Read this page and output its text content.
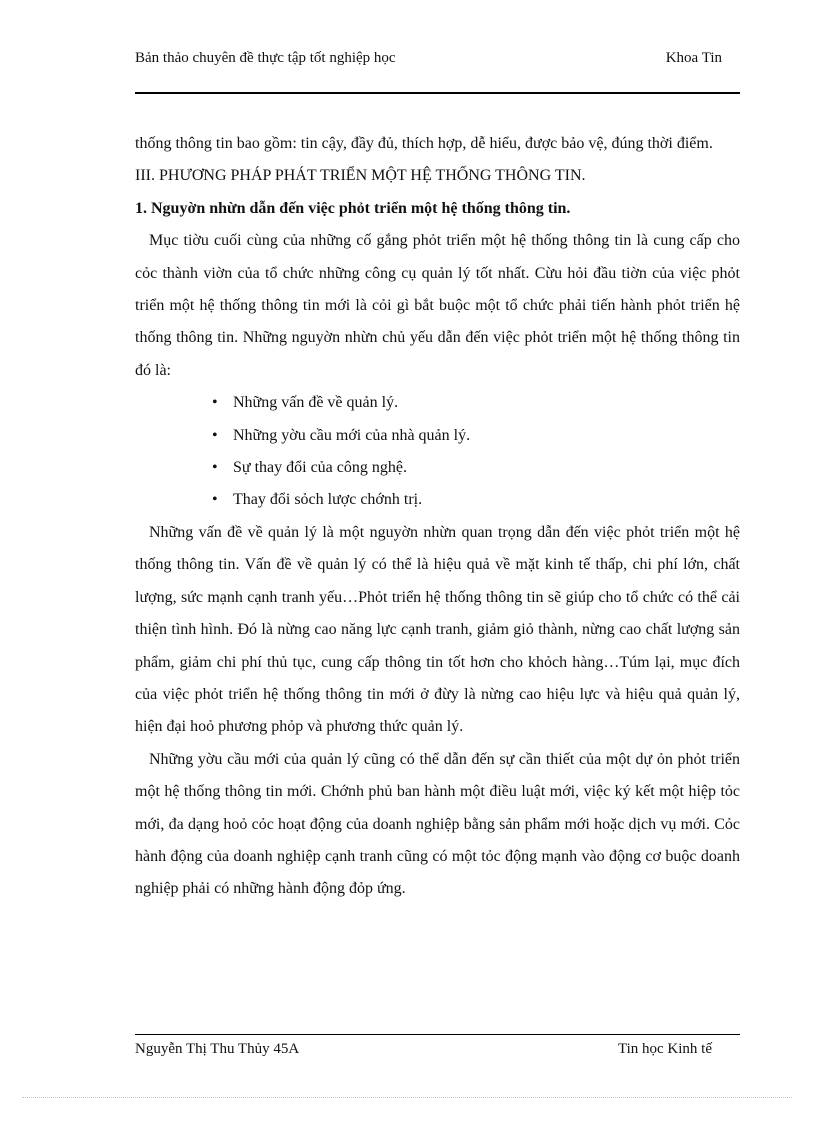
Bản thảo chuyên đề thực tập tốt nghiệp học	Khoa Tin

thống thông tin bao gồm: tin cậy, đầy đủ, thích hợp, dễ hiểu, được bảo vệ, đúng thời điểm.

III. PHƯƠNG PHÁP PHÁT TRIỂN MỘT HỆ THỐNG THÔNG TIN.

1. Nguyờn nhừn dẫn đến việc phỏt triển một hệ thống thông tin.

Mục tiờu cuối cùng của những cố gắng phỏt triển một hệ thống thông tin là cung cấp cho cỏc thành viờn của tổ chức những công cụ quản lý tốt nhất. Cừu hỏi đầu tiờn của việc phỏt triển một hệ thống thông tin mới là cỏi gì bắt buộc một tổ chức phải tiến hành phỏt triển hệ thống thông tin. Những nguyờn nhừn chủ yếu dẫn đến việc phỏt triển một hệ thống thông tin đó là:

• Những vấn đề về quản lý.
• Những yờu cầu mới của nhà quản lý.
• Sự thay đổi của công nghệ.
• Thay đổi sỏch lược chớnh trị.

Những vấn đề về quản lý là một nguyờn nhừn quan trọng dẫn đến việc phỏt triển một hệ thống thông tin. Vấn đề về quản lý có thể là hiệu quả về mặt kinh tế thấp, chi phí lớn, chất lượng, sức mạnh cạnh tranh yếu…Phỏt triển hệ thống thông tin sẽ giúp cho tổ chức có thể cải thiện tình hình. Đó là nừng cao năng lực cạnh tranh, giảm giỏ thành, nừng cao chất lượng sản phẩm, giảm chi phí thủ tục, cung cấp thông tin tốt hơn cho khỏch hàng…Túm lại, mục đích của việc phỏt triển hệ thống thông tin mới ở đừy là nừng cao hiệu lực và hiệu quả quản lý, hiện đại hoỏ phương phỏp và phương thức quản lý.

Những yờu cầu mới của quản lý cũng có thể dẫn đến sự cần thiết của một dự ỏn phỏt triển một hệ thống thông tin mới. Chớnh phủ ban hành một điều luật mới, việc ký kết một hiệp tỏc mới, đa dạng hoỏ cỏc hoạt động của doanh nghiệp bằng sản phẩm mới hoặc dịch vụ mới. Cỏc hành động của doanh nghiệp cạnh tranh cũng có một tỏc động mạnh vào động cơ buộc doanh nghiệp phải có những hành động đỏp ứng.

Nguyễn Thị Thu Thủy 45A	Tin học Kinh tế
